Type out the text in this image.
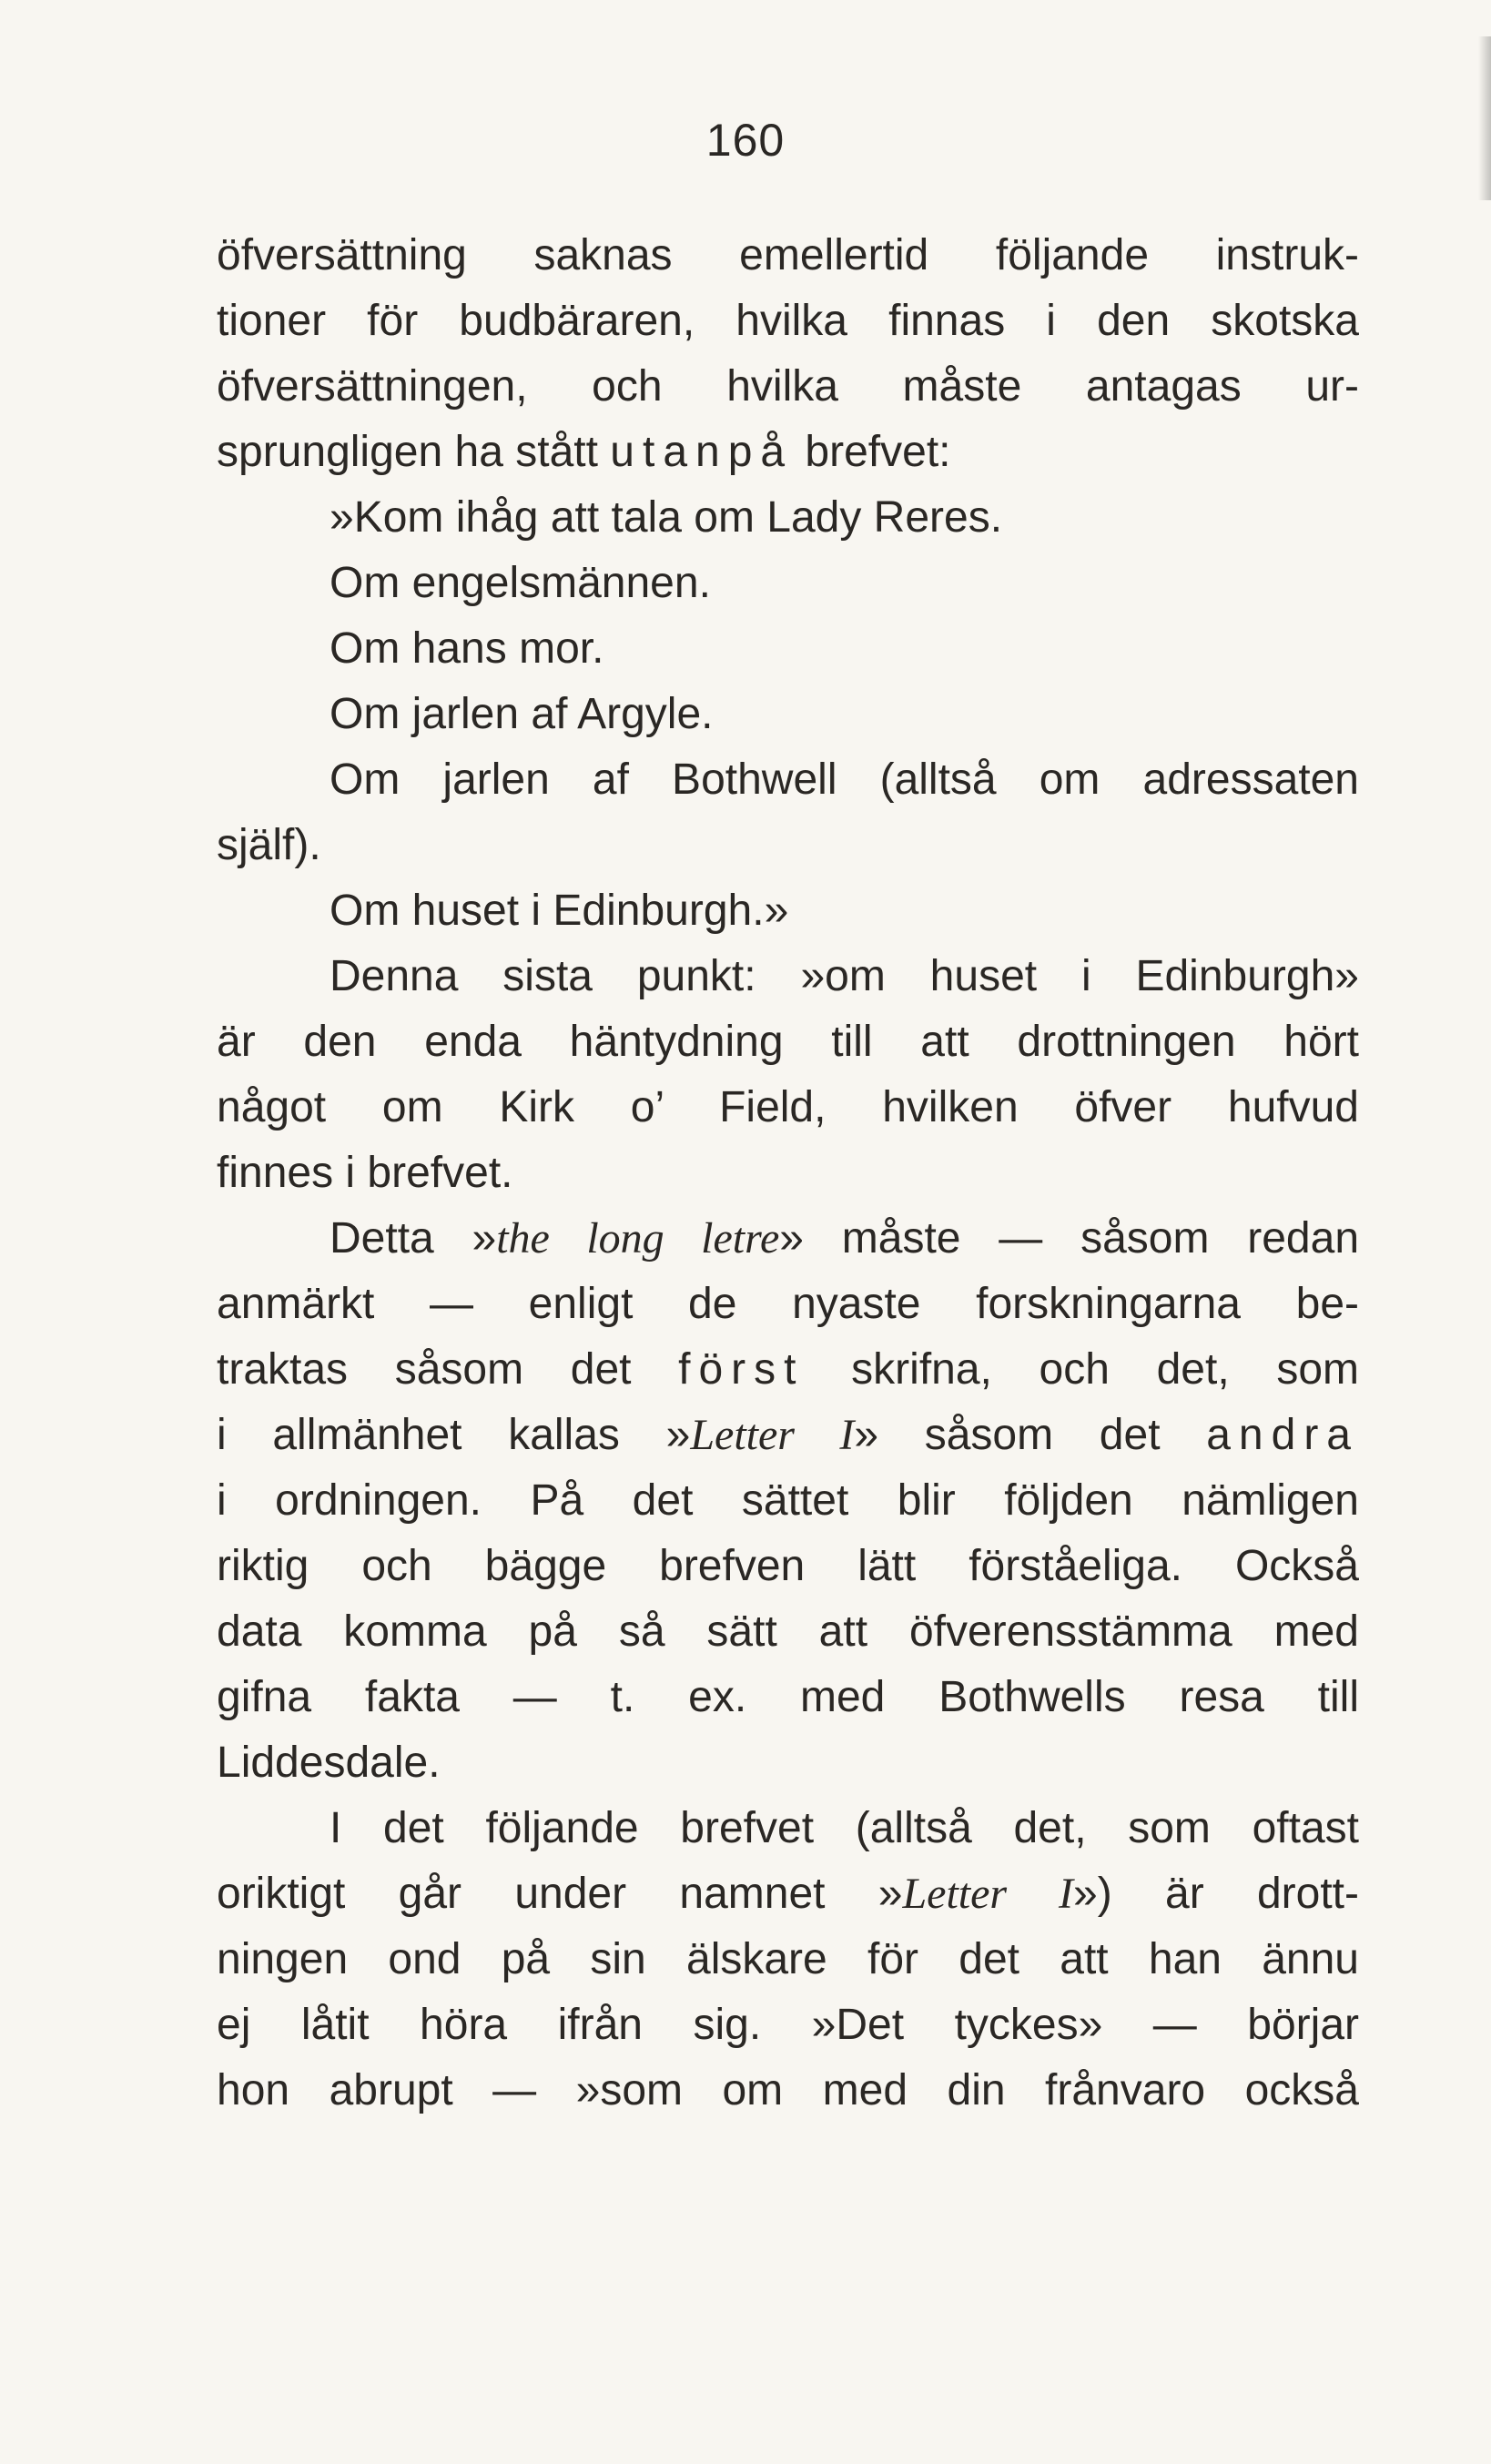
160
öfversättning saknas emellertid följande instruk-
tioner för budbäraren, hvilka finnas i den skotska
öfversättningen, och hvilka måste antagas ur-
sprungligen ha stått utanpå brefvet:
»Kom ihåg att tala om Lady Reres.
Om engelsmännen.
Om hans mor.
Om jarlen af Argyle.
Om jarlen af Bothwell (alltså om adressaten
själf).
Om huset i Edinburgh.»
Denna sista punkt: »om huset i Edinburgh»
är den enda häntydning till att drottningen hört
något om Kirk o’ Field, hvilken öfver hufvud
finnes i brefvet.
Detta »the long letre» måste — såsom redan
anmärkt — enligt de nyaste forskningarna be-
traktas såsom det först skrifna, och det, som
i allmänhet kallas »Letter I» såsom det andra
i ordningen. På det sättet blir följden nämligen
riktig och bägge brefven lätt förståeliga. Också
data komma på så sätt att öfverensstämma med
gifna fakta — t. ex. med Bothwells resa till
Liddesdale.
I det följande brefvet (alltså det, som oftast
oriktigt går under namnet »Letter I») är drott-
ningen ond på sin älskare för det att han ännu
ej låtit höra ifrån sig. »Det tyckes» — börjar
hon abrupt — »som om med din frånvaro också
